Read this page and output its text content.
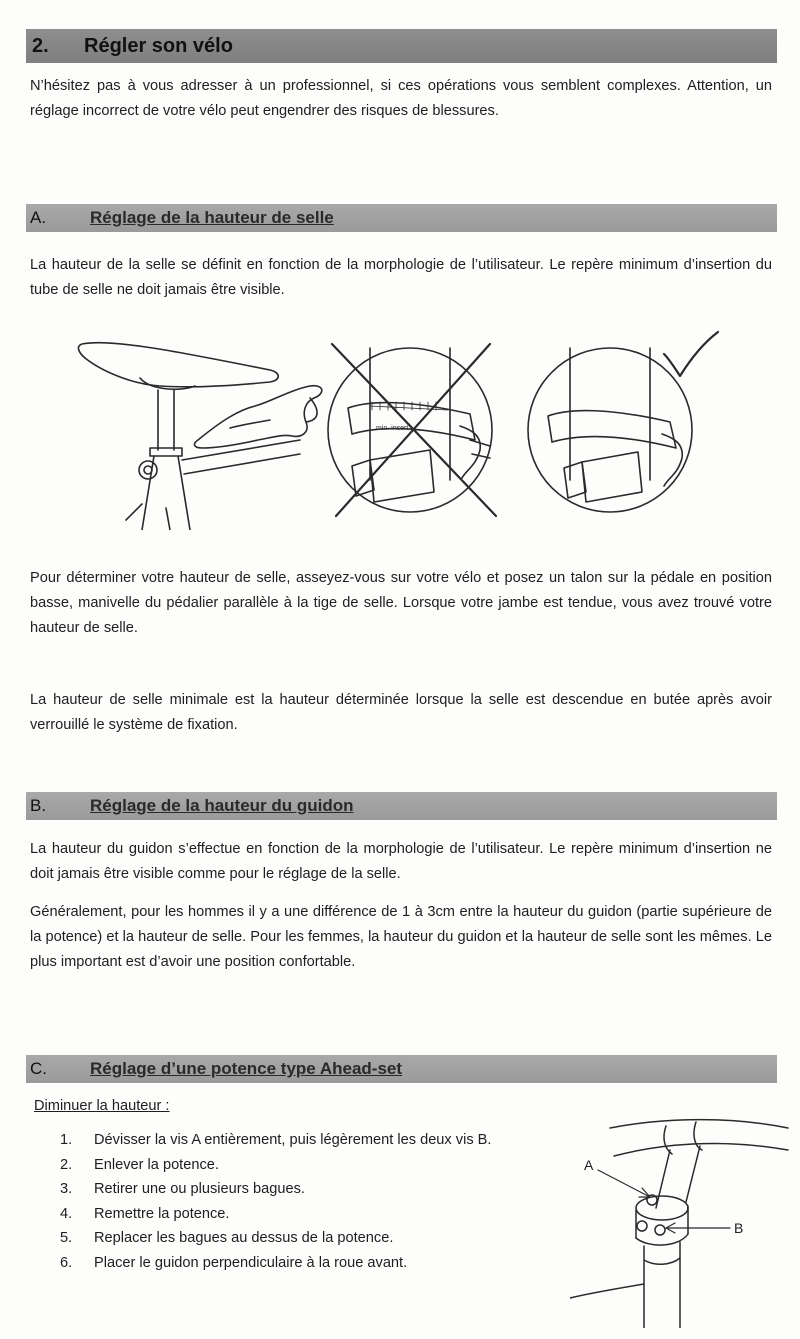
2.	Régler son vélo
N’hésitez pas à vous adresser à un professionnel, si ces opérations vous semblent complexes. Attention, un réglage incorrect de votre vélo peut engendrer des risques de blessures.
A.	Réglage de la hauteur de selle
La hauteur de la selle se définit en fonction de la morphologie de l’utilisateur. Le repère minimum d’insertion du tube de selle ne doit jamais être visible.
min. insert
Pour déterminer votre hauteur de selle, asseyez-vous sur votre vélo et posez un talon sur la pédale en position basse, manivelle du pédalier parallèle à la tige de selle. Lorsque votre jambe est tendue, vous avez trouvé votre hauteur de selle.
La hauteur de selle minimale est la hauteur déterminée lorsque la selle est descendue en butée après avoir verrouillé le système de fixation.
B.	Réglage de la hauteur du guidon
La hauteur du guidon s’effectue en fonction de la morphologie de l’utilisateur. Le repère minimum d’insertion ne doit jamais être visible comme pour le réglage de la selle.
Généralement, pour les hommes il y a une différence de 1 à 3cm entre la hauteur du guidon (partie supérieure de la potence) et la hauteur de selle. Pour les femmes, la hauteur du guidon et la hauteur de selle sont les mêmes. Le plus important est d’avoir une position confortable.
C.	Réglage d’une potence type Ahead-set
Diminuer la hauteur :
1.	Dévisser la vis A entièrement, puis légèrement les deux vis B.
2.	Enlever la potence.
3.	Retirer une ou plusieurs bagues.
4.	Remettre la potence.
5.	Replacer les bagues au dessus de la potence.
6.	Placer le guidon perpendiculaire à la roue avant.
A
B
